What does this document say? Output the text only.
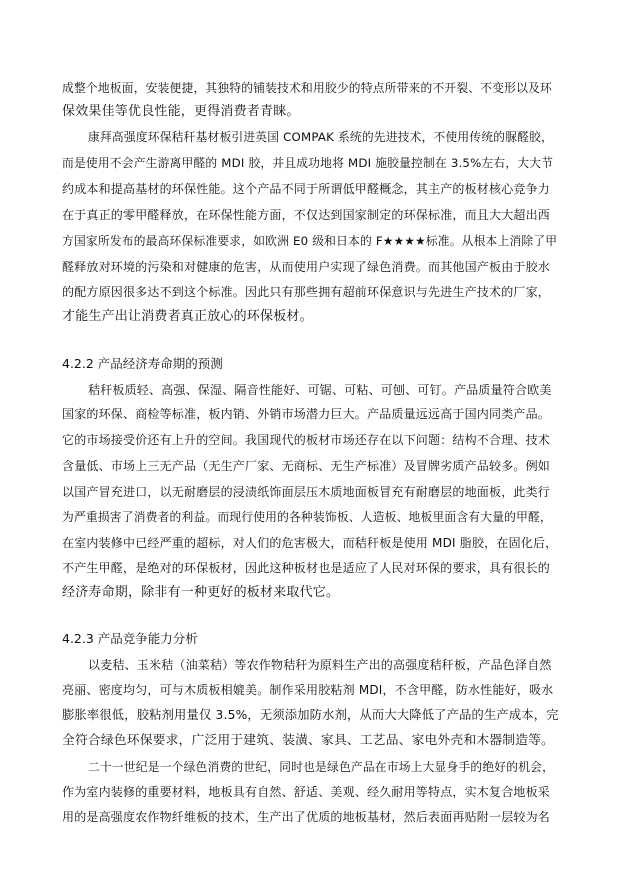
成整个地板面，安装便捷，其独特的铺装技术和用胶少的特点所带来的不开裂、不变形以及环
保效果佳等优良性能，更得消费者青睐。
康拜高强度环保秸秆基材板引进英国 COMPAK 系统的先进技术，不使用传统的脲醛胶，
而是使用不会产生游离甲醛的 MDI 胶，并且成功地将 MDI 施胶量控制在 3.5%左右，大大节
约成本和提高基材的环保性能。这个产品不同于所谓低甲醛概念，其主产的板材核心竞争力
在于真正的零甲醛释放，在环保性能方面，不仅达到国家制定的环保标准，而且大大超出西
方国家所发布的最高环保标准要求，如欧洲 E0 级和日本的 F★★★★标准。从根本上消除了甲
醛释放对环境的污染和对健康的危害，从而使用户实现了绿色消费。而其他国产板由于胶水
的配方原因很多达不到这个标准。因此只有那些拥有超前环保意识与先进生产技术的厂家，
才能生产出让消费者真正放心的环保板材。
4.2.2 产品经济寿命期的预测
秸秆板质轻、高强、保湿、隔音性能好、可锯、可粘、可刨、可钉。产品质量符合欧美
国家的环保、商检等标准，板内销、外销市场潜力巨大。产品质量远远高于国内同类产品。
它的市场接受价还有上升的空间。我国现代的板材市场还存在以下问题：结构不合理、技术
含量低、市场上三无产品（无生产厂家、无商标、无生产标准）及冒牌劣质产品较多。例如
以国产冒充进口，以无耐磨层的浸渍纸饰面层压木质地面板冒充有耐磨层的地面板，此类行
为严重损害了消费者的利益。而现行使用的各种装饰板、人造板、地板里面含有大量的甲醛，
在室内装修中已经严重的超标，对人们的危害极大，而秸秆板是使用 MDI 脂胶，在固化后，
不产生甲醛，是绝对的环保板材，因此这种板材也是适应了人民对环保的要求，具有很长的
经济寿命期，除非有一种更好的板材来取代它。
4.2.3 产品竞争能力分析
以麦秸、玉米秸（油菜秸）等农作物秸秆为原料生产出的高强度秸秆板，产品色泽自然
亮丽、密度均匀，可与木质板相媲美。制作采用胶粘剂 MDI，不含甲醛，防水性能好，吸水
膨胀率很低，胶粘剂用量仅 3.5%，无须添加防水剂，从而大大降低了产品的生产成本，完
全符合绿色环保要求，广泛用于建筑、装潢、家具、工艺品、家电外壳和木器制造等。
二十一世纪是一个绿色消费的世纪，同时也是绿色产品在市场上大显身手的绝好的机会，
作为室内装修的重要材料，地板具有自然、舒适、美观、经久耐用等特点，实木复合地板采
用的是高强度农作物纤维板的技术，生产出了优质的地板基材，然后表面再贴附一层较为名
